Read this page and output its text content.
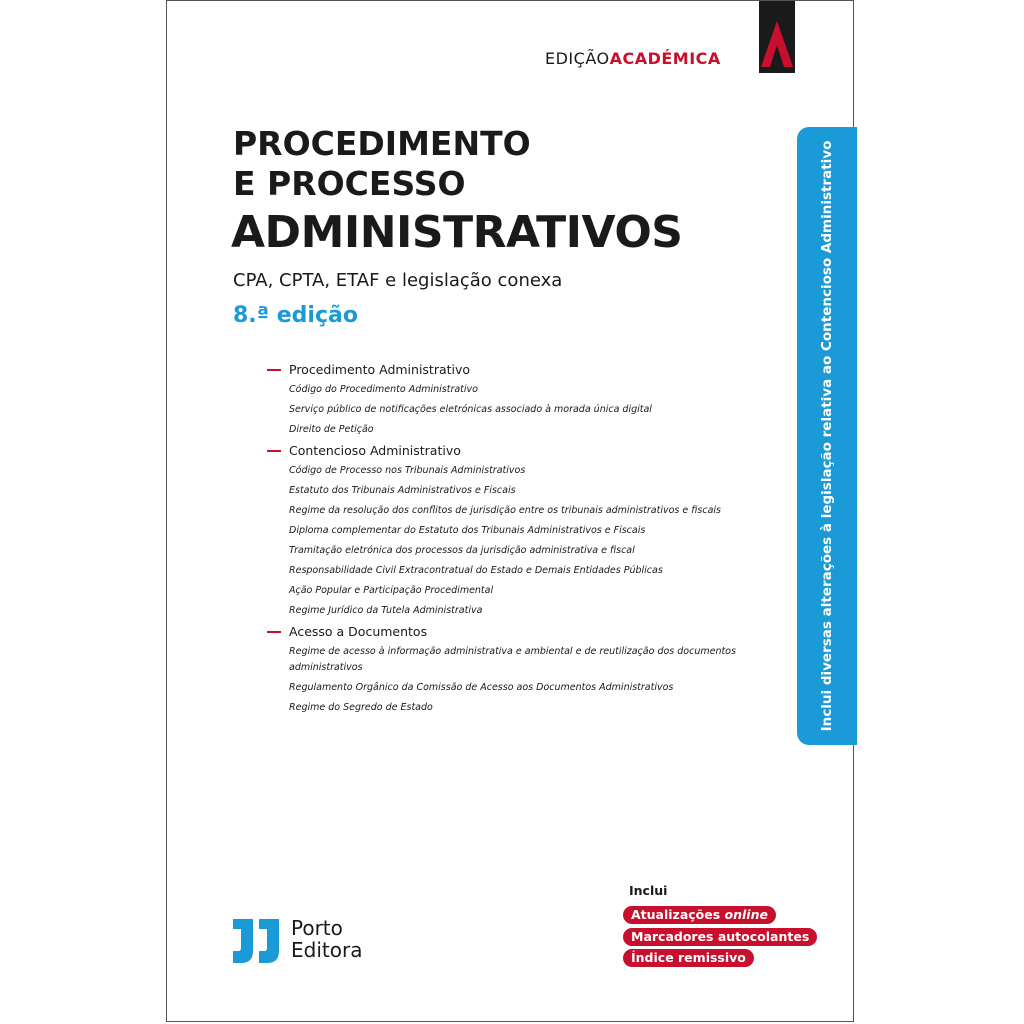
EDIÇÃOACADÉMICA
PROCEDIMENTO
E PROCESSO
ADMINISTRATIVOS
CPA, CPTA, ETAF e legislação conexa
8.ª edição
Procedimento Administrativo
Código do Procedimento Administrativo
Serviço público de notificações eletrónicas associado à morada única digital
Direito de Petição
Contencioso Administrativo
Código de Processo nos Tribunais Administrativos
Estatuto dos Tribunais Administrativos e Fiscais
Regime da resolução dos conflitos de jurisdição entre os tribunais administrativos e fiscais
Diploma complementar do Estatuto dos Tribunais Administrativos e Fiscais
Tramitação eletrónica dos processos da jurisdição administrativa e fiscal
Responsabilidade Civil Extracontratual do Estado e Demais Entidades Públicas
Ação Popular e Participação Procedimental
Regime Jurídico da Tutela Administrativa
Acesso a Documentos
Regime de acesso à informação administrativa e ambiental e de reutilização dos documentos administrativos
Regulamento Orgânico da Comissão de Acesso aos Documentos Administrativos
Regime do Segredo de Estado	Inclui diversas alterações à legislação relativa ao Contencioso Administrativo
Porto
Editora
Inclui
Atualizações online
Marcadores autocolantes
Índice remissivo
